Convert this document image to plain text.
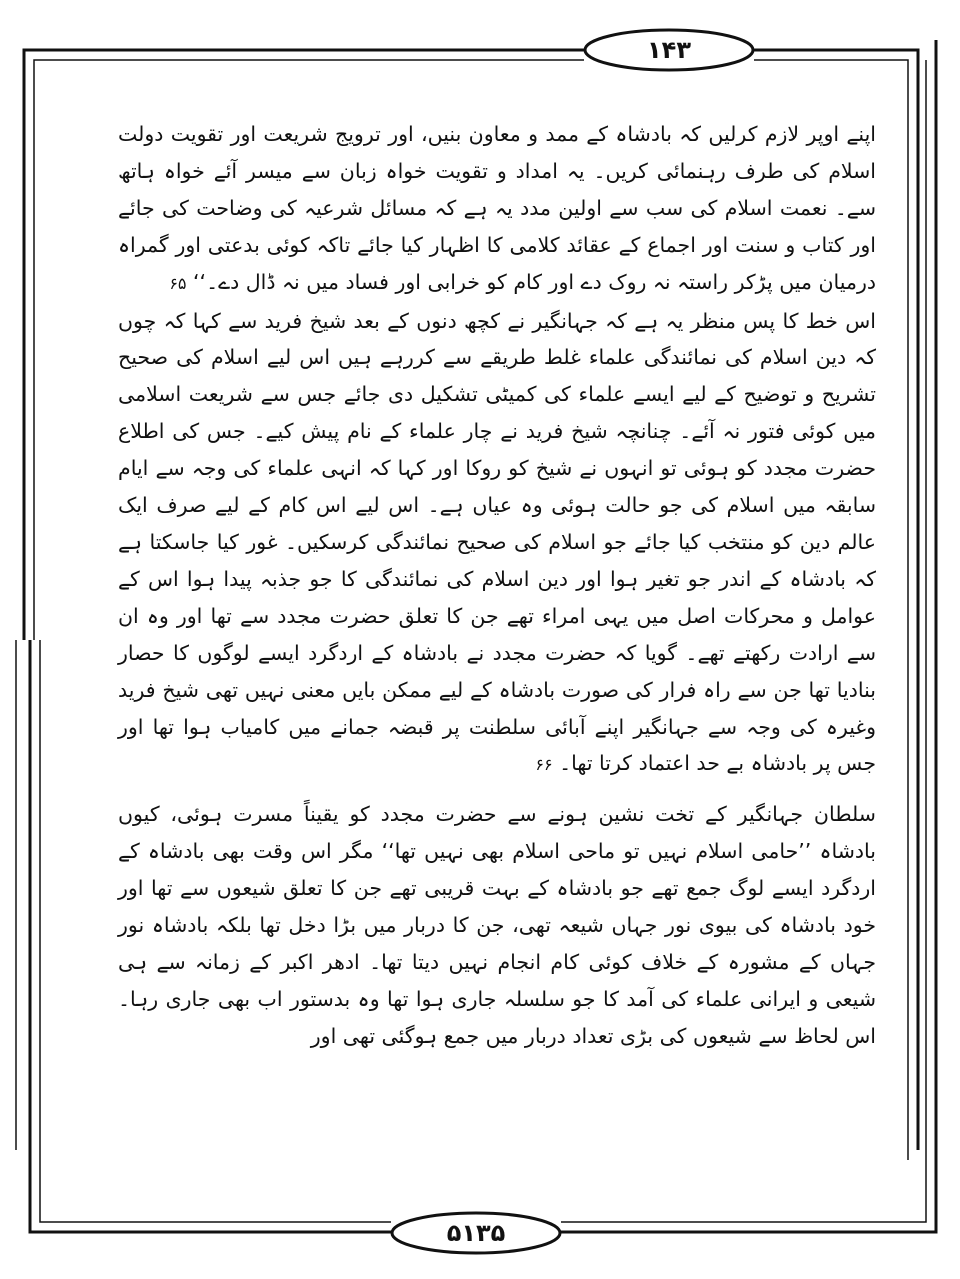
۱۴۳
۵۱۳۵

اپنے اوپر لازم کرلیں کہ بادشاہ کے ممد و معاون بنیں، اور ترویج شریعت اور تقویت دولت اسلام کی طرف رہنمائی کریں۔ یہ امداد و تقویت خواہ زبان سے میسر آئے خواہ ہاتھ سے۔ نعمت اسلام کی سب سے اولین مدد یہ ہے کہ مسائل شرعیہ کی وضاحت کی جائے اور کتاب و سنت اور اجماع کے عقائد کلامی کا اظہار کیا جائے تاکہ کوئی بدعتی اور گمراہ درمیان میں پڑکر راستہ نہ روک دے اور کام کو خرابی اور فساد میں نہ ڈال دے۔‘‘ ۶۵

اس خط کا پس منظر یہ ہے کہ جہانگیر نے کچھ دنوں کے بعد شیخ فرید سے کہا کہ چوں کہ دین اسلام کی نمائندگی علماء غلط طریقے سے کررہے ہیں اس لیے اسلام کی صحیح تشریح و توضیح کے لیے ایسے علماء کی کمیٹی تشکیل دی جائے جس سے شریعت اسلامی میں کوئی فتور نہ آئے۔ چنانچہ شیخ فرید نے چار علماء کے نام پیش کیے۔ جس کی اطلاع حضرت مجدد کو ہوئی تو انہوں نے شیخ کو روکا اور کہا کہ انہی علماء کی وجہ سے ایام سابقہ میں اسلام کی جو حالت ہوئی وہ عیاں ہے۔ اس لیے اس کام کے لیے صرف ایک عالم دین کو منتخب کیا جائے جو اسلام کی صحیح نمائندگی کرسکیں۔ غور کیا جاسکتا ہے کہ بادشاہ کے اندر جو تغیر ہوا اور دین اسلام کی نمائندگی کا جو جذبہ پیدا ہوا اس کے عوامل و محرکات اصل میں یہی امراء تھے جن کا تعلق حضرت مجدد سے تھا اور وہ ان سے ارادت رکھتے تھے۔ گویا کہ حضرت مجدد نے بادشاہ کے اردگرد ایسے لوگوں کا حصار بنادیا تھا جن سے راہ فرار کی صورت بادشاہ کے لیے ممکن بایں معنی نہیں تھی شیخ فرید وغیرہ کی وجہ سے جہانگیر اپنے آبائی سلطنت پر قبضہ جمانے میں کامیاب ہوا تھا اور جس پر بادشاہ بے حد اعتماد کرتا تھا۔ ۶۶

سلطان جہانگیر کے تخت نشین ہونے سے حضرت مجدد کو یقیناً مسرت ہوئی، کیوں بادشاہ ’’حامی اسلام نہیں تو ماحی اسلام بھی نہیں تھا‘‘ مگر اس وقت بھی بادشاہ کے اردگرد ایسے لوگ جمع تھے جو بادشاہ کے بہت قریبی تھے جن کا تعلق شیعوں سے تھا اور خود بادشاہ کی بیوی نور جہاں شیعہ تھی، جن کا دربار میں بڑا دخل تھا بلکہ بادشاہ نور جہاں کے مشورہ کے خلاف کوئی کام انجام نہیں دیتا تھا۔ ادھر اکبر کے زمانہ سے ہی شیعی و ایرانی علماء کی آمد کا جو سلسلہ جاری ہوا تھا وہ بدستور اب بھی جاری رہا۔ اس لحاظ سے شیعوں کی بڑی تعداد دربار میں جمع ہوگئی تھی اور
